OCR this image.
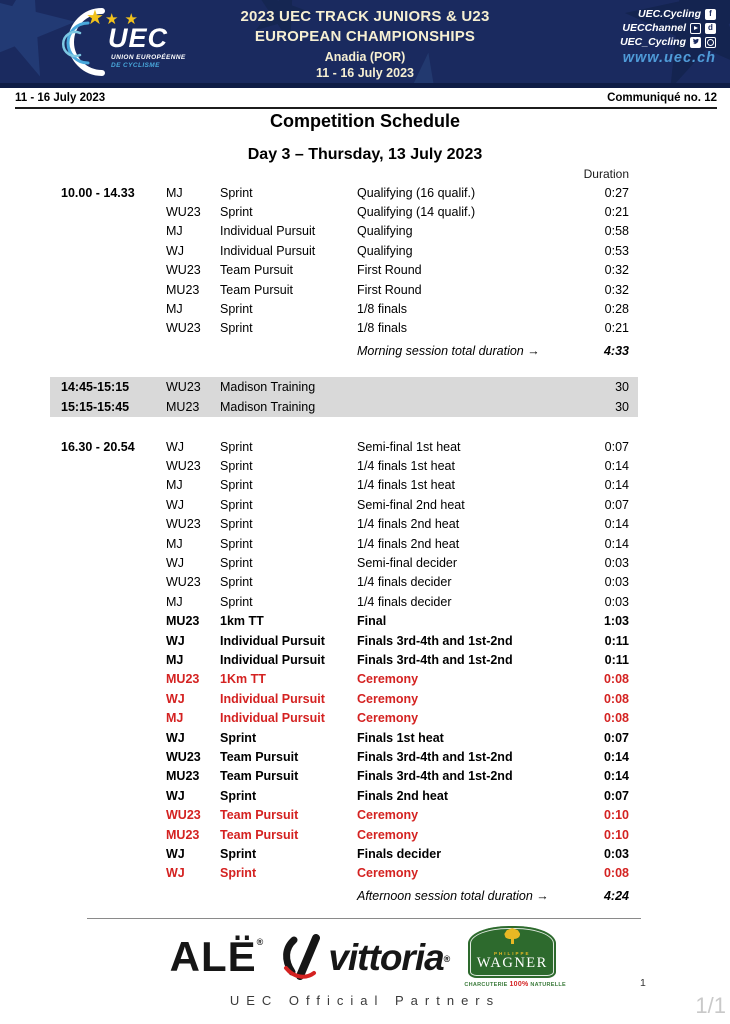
★★ ★
UEC
UNION EUROPÉENNE
DE CYCLISME
2023 UEC TRACK JUNIORS & U23
EUROPEAN CHAMPIONSHIPS
Anadia (POR)
11 - 16 July 2023
UEC.Cycling f
UECChannel	d
UEC_Cycling
www.uec.ch
11 - 16 July 2023	Communiqué no. 12
Competition Schedule
Day 3 – Thursday, 13 July 2023
Duration
10.00 - 14.33	MJ	Sprint	Qualifying (16 qualif.)	0:27
WU23	Sprint	Qualifying (14 qualif.)	0:21
MJ	Individual Pursuit	Qualifying	0:58
WJ	Individual Pursuit	Qualifying	0:53
WU23	Team Pursuit	First Round	0:32
MU23	Team Pursuit	First Round	0:32
MJ	Sprint	1/8 finals	0:28
WU23	Sprint	1/8 finals	0:21
Morning session total duration →	4:33
14:45-15:15	WU23	Madison Training	30
15:15-15:45	MU23	Madison Training	30
16.30 - 20.54	WJ	Sprint	Semi-final 1st heat	0:07
WU23	Sprint	1/4 finals 1st heat	0:14
MJ	Sprint	1/4 finals 1st heat	0:14
WJ	Sprint	Semi-final 2nd heat	0:07
WU23	Sprint	1/4 finals 2nd heat	0:14
MJ	Sprint	1/4 finals 2nd heat	0:14
WJ	Sprint	Semi-final decider	0:03
WU23	Sprint	1/4 finals decider	0:03
MJ	Sprint	1/4 finals decider	0:03
MU23	1km TT	Final	1:03
WJ	Individual Pursuit	Finals 3rd-4th and 1st-2nd	0:11
MJ	Individual Pursuit	Finals 3rd-4th and 1st-2nd	0:11
MU23	1Km TT	Ceremony	0:08
WJ	Individual Pursuit	Ceremony	0:08
MJ	Individual Pursuit	Ceremony	0:08
WJ	Sprint	Finals 1st heat	0:07
WU23	Team Pursuit	Finals 3rd-4th and 1st-2nd	0:14
MU23	Team Pursuit	Finals 3rd-4th and 1st-2nd	0:14
WJ	Sprint	Finals 2nd heat	0:07
WU23	Team Pursuit	Ceremony	0:10
MU23	Team Pursuit	Ceremony	0:10
WJ	Sprint	Finals decider	0:03
WJ	Sprint	Ceremony	0:08
Afternoon session total duration →	4:24
ALË® vittoria ®
PHILIPPE
WAGNER
CHARCUTERIE 100% NATURELLE
UEC Official Partners
1
1/1
